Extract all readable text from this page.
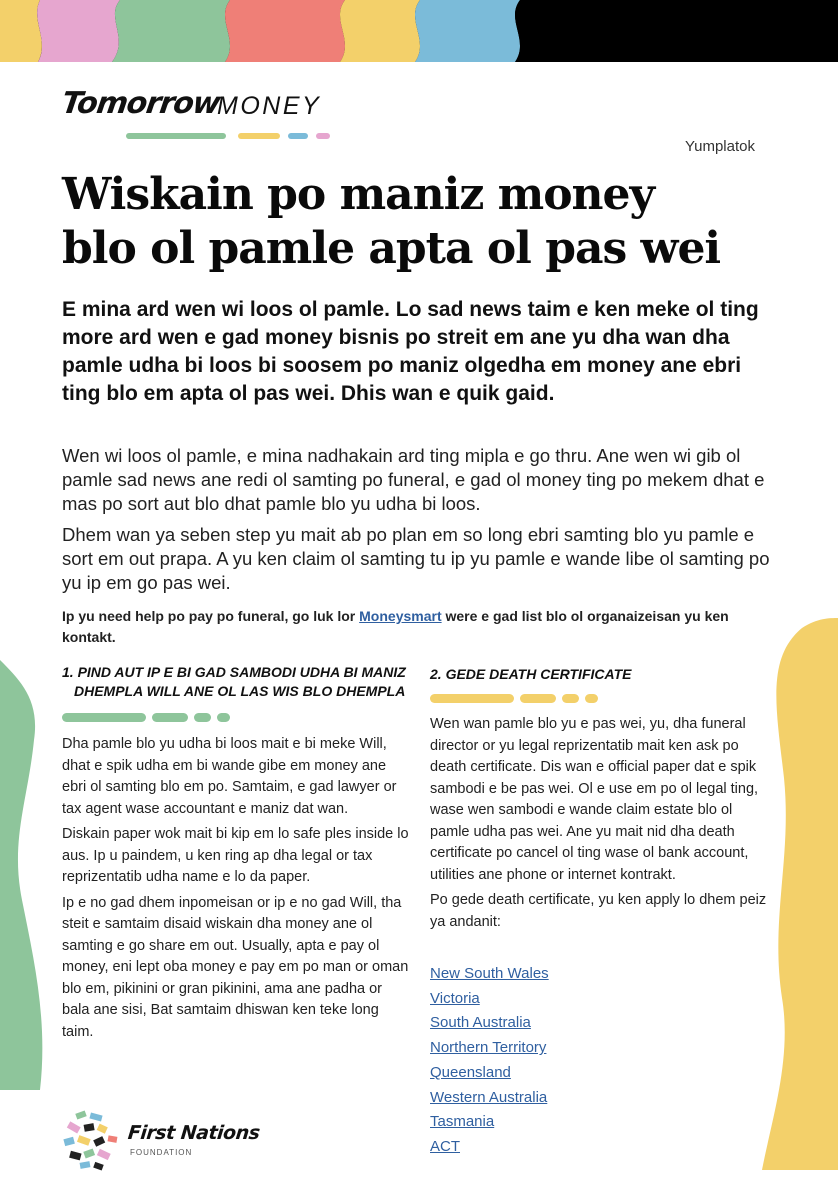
Tomorrow
MONEY
Yumplatok
Wiskain po maniz money
blo ol pamle apta ol pas wei

E mina ard wen wi loos ol pamle. Lo sad news taim e ken meke ol ting more ard wen e gad money bisnis po streit em ane yu dha wan dha pamle udha bi loos bi soosem po maniz olgedha em money ane ebri ting blo em apta ol pas wei. Dhis wan e quik gaid.

Wen wi loos ol pamle, e mina nadhakain ard ting mipla e go thru. Ane wen wi gib ol pamle sad news ane redi ol samting po funeral, e gad ol money ting po mekem dhat e mas po sort aut blo dhat pamle blo yu udha bi loos.

Dhem wan ya seben step yu mait ab po plan em so long ebri samting blo yu pamle e sort em out prapa. A yu ken claim ol samting tu ip yu pamle e wande libe ol samting po yu ip em go pas wei.

Ip yu need help po pay po funeral, go luk lor Moneysmart were e gad list blo ol organaizeisan yu ken kontakt.

1. PIND AUT IP E BI GAD SAMBODI UDHA BI MANIZ
DHEMPLA WILL ANE OL LAS WIS BLO DHEMPLA

Dha pamle blo yu udha bi loos mait e bi meke Will, dhat e spik udha em bi wande gibe em money ane ebri ol samting blo em po. Samtaim, e gad lawyer or tax agent wase accountant e maniz dat wan.

Diskain paper wok mait bi kip em lo safe ples inside lo aus. Ip u paindem, u ken ring ap dha legal or tax reprizentatib udha name e lo da paper.

Ip e no gad dhem inpomeisan or ip e no gad Will, tha steit e samtaim disaid wiskain dha money ane ol samting e go share em out. Usually, apta e pay ol money, eni lept oba money e pay em po man or oman blo em, pikinini or gran pikinini, ama ane padha or bala ane sisi, Bat samtaim dhiswan ken teke long taim.

2. GEDE DEATH CERTIFICATE

Wen wan pamle blo yu e pas wei, yu, dha funeral director or yu legal reprizentatib mait ken ask po death certificate. Dis wan e official paper dat e spik sambodi e be pas wei. Ol e use em po ol legal ting, wase wen sambodi e wande claim estate blo ol pamle udha pas wei. Ane yu mait nid dha death certificate po cancel ol ting wase ol bank account, utilities ane phone or internet kontrakt.

Po gede death certificate, yu ken apply lo dhem peiz ya andanit:

New South Wales
Victoria
South Australia
Northern Territory
Queensland
Western Australia
Tasmania
ACT
First Nations
FOUNDATION
